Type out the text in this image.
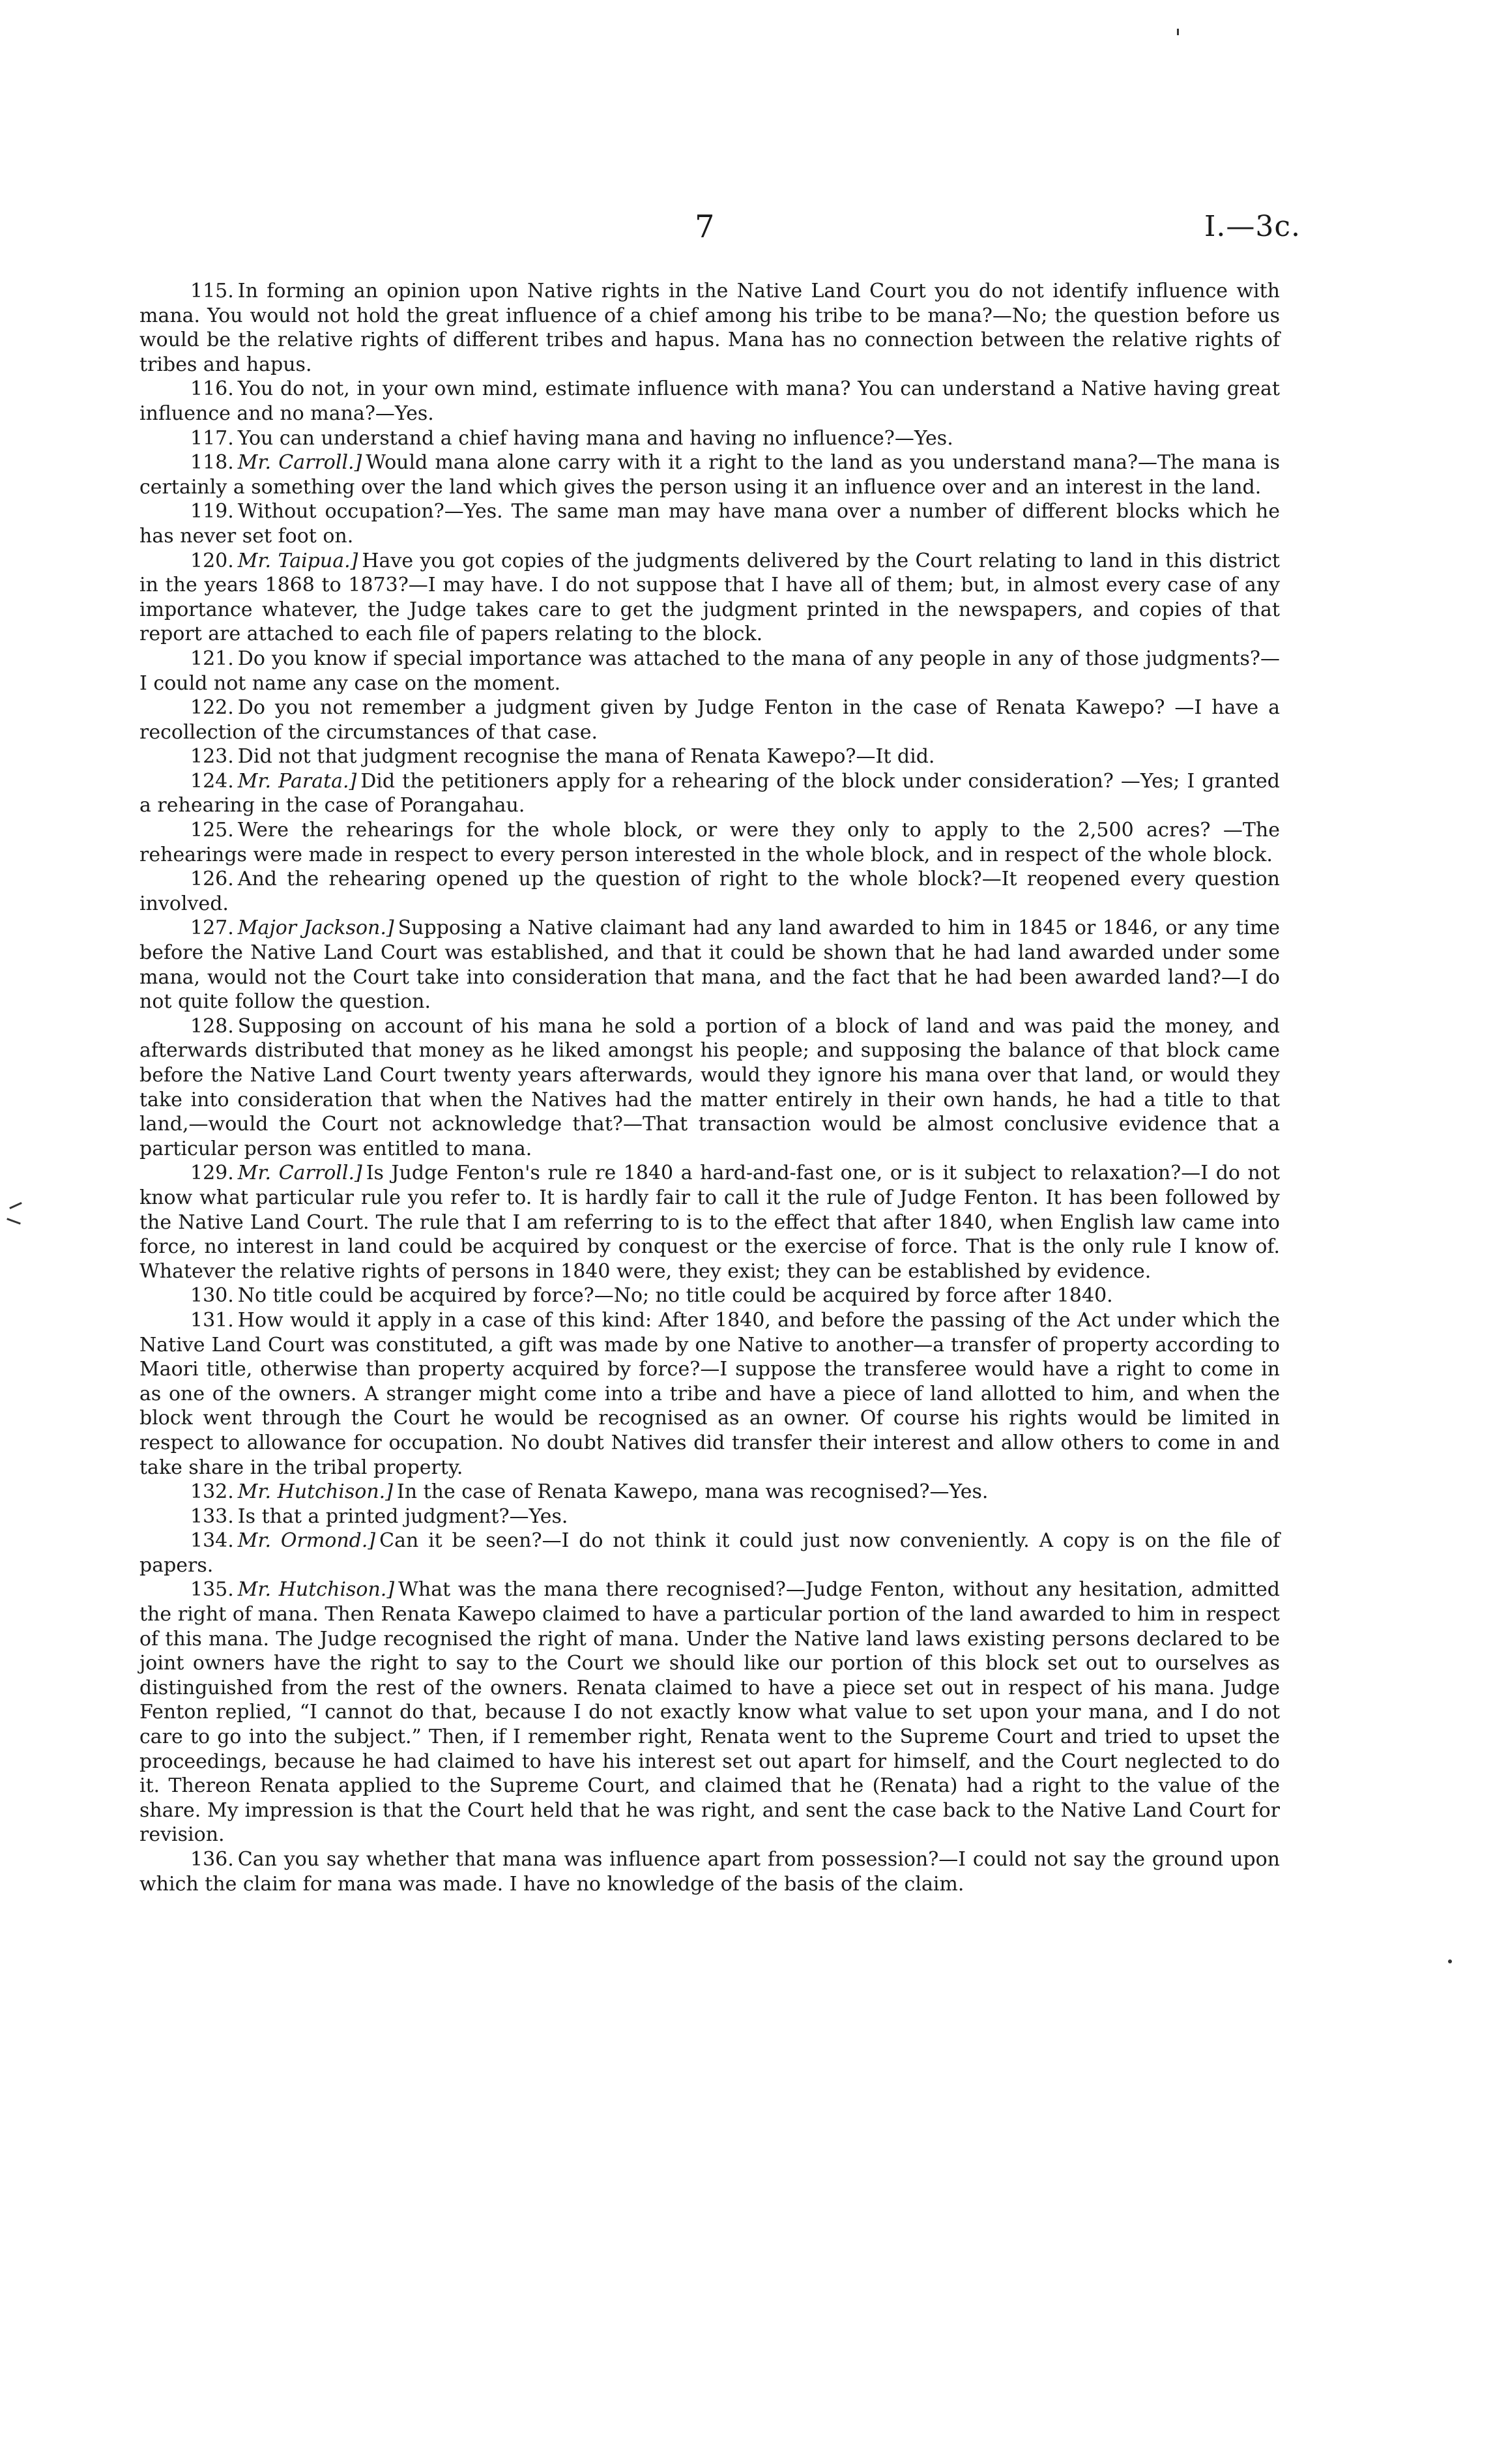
7	I.—3c.

115. In forming an opinion upon Native rights in the Native Land Court you do not identify influence with mana. You would not hold the great influence of a chief among his tribe to be mana?—No; the question before us would be the relative rights of different tribes and hapus. Mana has no connection between the relative rights of tribes and hapus.

116. You do not, in your own mind, estimate influence with mana? You can understand a Native having great influence and no mana?—Yes.

117. You can understand a chief having mana and having no influence?—Yes.

118. Mr. Carroll.] Would mana alone carry with it a right to the land as you understand mana?—The mana is certainly a something over the land which gives the person using it an influence over and an interest in the land.

119. Without occupation?—Yes. The same man may have mana over a number of different blocks which he has never set foot on.

120. Mr. Taipua.] Have you got copies of the judgments delivered by the Court relating to land in this district in the years 1868 to 1873?—I may have. I do not suppose that I have all of them; but, in almost every case of any importance whatever, the Judge takes care to get the judgment printed in the newspapers, and copies of that report are attached to each file of papers relating to the block.

121. Do you know if special importance was attached to the mana of any people in any of those judgments?—I could not name any case on the moment.

122. Do you not remember a judgment given by Judge Fenton in the case of Renata Kawepo? —I have a recollection of the circumstances of that case.

123. Did not that judgment recognise the mana of Renata Kawepo?—It did.

124. Mr. Parata.] Did the petitioners apply for a rehearing of the block under consideration? —Yes; I granted a rehearing in the case of Porangahau.

125. Were the rehearings for the whole block, or were they only to apply to the 2,500 acres? —The rehearings were made in respect to every person interested in the whole block, and in respect of the whole block.

126. And the rehearing opened up the question of right to the whole block?—It reopened every question involved.

127. Major Jackson.] Supposing a Native claimant had any land awarded to him in 1845 or 1846, or any time before the Native Land Court was established, and that it could be shown that he had land awarded under some mana, would not the Court take into consideration that mana, and the fact that he had been awarded land?—I do not quite follow the question.

128. Supposing on account of his mana he sold a portion of a block of land and was paid the money, and afterwards distributed that money as he liked amongst his people; and supposing the balance of that block came before the Native Land Court twenty years afterwards, would they ignore his mana over that land, or would they take into consideration that when the Natives had the matter entirely in their own hands, he had a title to that land,—would the Court not acknowledge that?—That transaction would be almost conclusive evidence that a particular person was entitled to mana.

129. Mr. Carroll.] Is Judge Fenton's rule re 1840 a hard-and-fast one, or is it subject to relaxation?—I do not know what particular rule you refer to. It is hardly fair to call it the rule of Judge Fenton. It has been followed by the Native Land Court. The rule that I am referring to is to the effect that after 1840, when English law came into force, no interest in land could be acquired by conquest or the exercise of force. That is the only rule I know of. Whatever the relative rights of persons in 1840 were, they exist; they can be established by evidence.

130. No title could be acquired by force?—No; no title could be acquired by force after 1840.

131. How would it apply in a case of this kind: After 1840, and before the passing of the Act under which the Native Land Court was constituted, a gift was made by one Native to another—a transfer of property according to Maori title, otherwise than property acquired by force?—I suppose the transferee would have a right to come in as one of the owners. A stranger might come into a tribe and have a piece of land allotted to him, and when the block went through the Court he would be recognised as an owner. Of course his rights would be limited in respect to allowance for occupation. No doubt Natives did transfer their interest and allow others to come in and take share in the tribal property.

132. Mr. Hutchison.] In the case of Renata Kawepo, mana was recognised?—Yes.

133. Is that a printed judgment?—Yes.

134. Mr. Ormond.] Can it be seen?—I do not think it could just now conveniently. A copy is on the file of papers.

135. Mr. Hutchison.] What was the mana there recognised?—Judge Fenton, without any hesitation, admitted the right of mana. Then Renata Kawepo claimed to have a particular portion of the land awarded to him in respect of this mana. The Judge recognised the right of mana. Under the Native land laws existing persons declared to be joint owners have the right to say to the Court we should like our portion of this block set out to ourselves as distinguished from the rest of the owners. Renata claimed to have a piece set out in respect of his mana. Judge Fenton replied, “I cannot do that, because I do not exactly know what value to set upon your mana, and I do not care to go into the subject.” Then, if I remember right, Renata went to the Supreme Court and tried to upset the proceedings, because he had claimed to have his interest set out apart for himself, and the Court neglected to do it. Thereon Renata applied to the Supreme Court, and claimed that he (Renata) had a right to the value of the share. My impression is that the Court held that he was right, and sent the case back to the Native Land Court for revision.

136. Can you say whether that mana was influence apart from possession?—I could not say the ground upon which the claim for mana was made. I have no knowledge of the basis of the claim.
